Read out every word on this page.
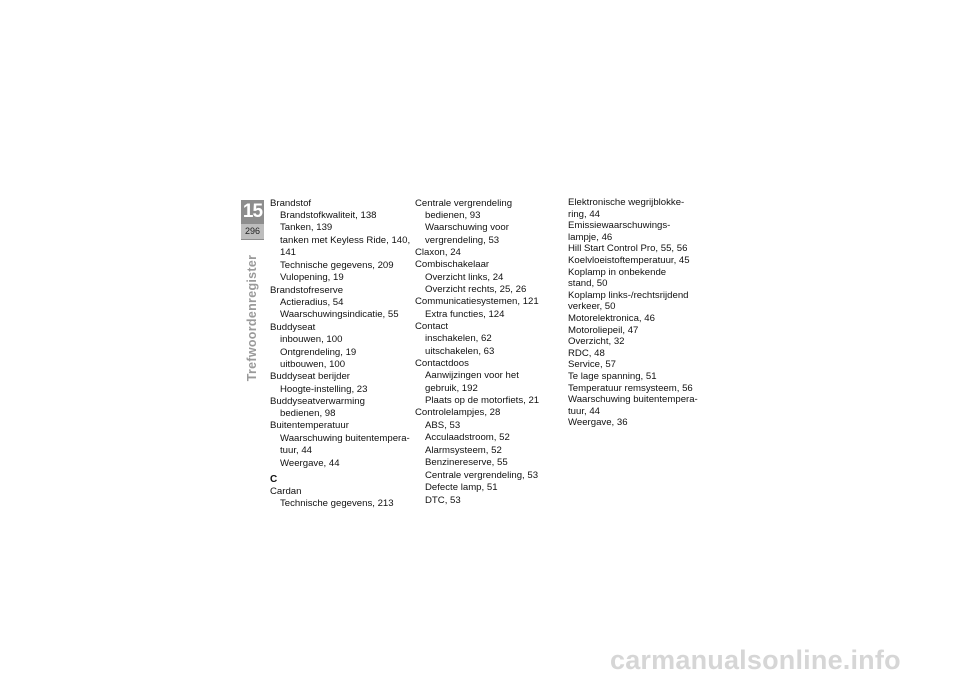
15
296
Trefwoordenregister
Brandstof
Brandstofkwaliteit, 138
Tanken, 139
tanken met Keyless Ride, 140,
141
Technische gegevens, 209
Vulopening, 19
Brandstofreserve
Actieradius, 54
Waarschuwingsindicatie, 55
Buddyseat
inbouwen, 100
Ontgrendeling, 19
uitbouwen, 100
Buddyseat berijder
Hoogte-instelling, 23
Buddyseatverwarming
bedienen, 98
Buitentemperatuur
Waarschuwing buitentempera-
tuur, 44
Weergave, 44
C
Cardan
Technische gegevens, 213
Centrale vergrendeling
bedienen, 93
Waarschuwing voor
vergrendeling, 53
Claxon, 24
Combischakelaar
Overzicht links, 24
Overzicht rechts, 25, 26
Communicatiesystemen, 121
Extra functies, 124
Contact
inschakelen, 62
uitschakelen, 63
Contactdoos
Aanwijzingen voor het
gebruik, 192
Plaats op de motorfiets, 21
Controlelampjes, 28
ABS, 53
Acculaadstroom, 52
Alarmsysteem, 52
Benzinereserve, 55
Centrale vergrendeling, 53
Defecte lamp, 51
DTC, 53
Elektronische wegrijblokke-
ring, 44
Emissiewaarschuwings-
lampje, 46
Hill Start Control Pro, 55, 56
Koelvloeistoftemperatuur, 45
Koplamp in onbekende
stand, 50
Koplamp links-/rechtsrijdend
verkeer, 50
Motorelektronica, 46
Motoroliepeil, 47
Overzicht, 32
RDC, 48
Service, 57
Te lage spanning, 51
Temperatuur remsysteem, 56
Waarschuwing buitentempera-
tuur, 44
Weergave, 36
carmanualsonline.info
